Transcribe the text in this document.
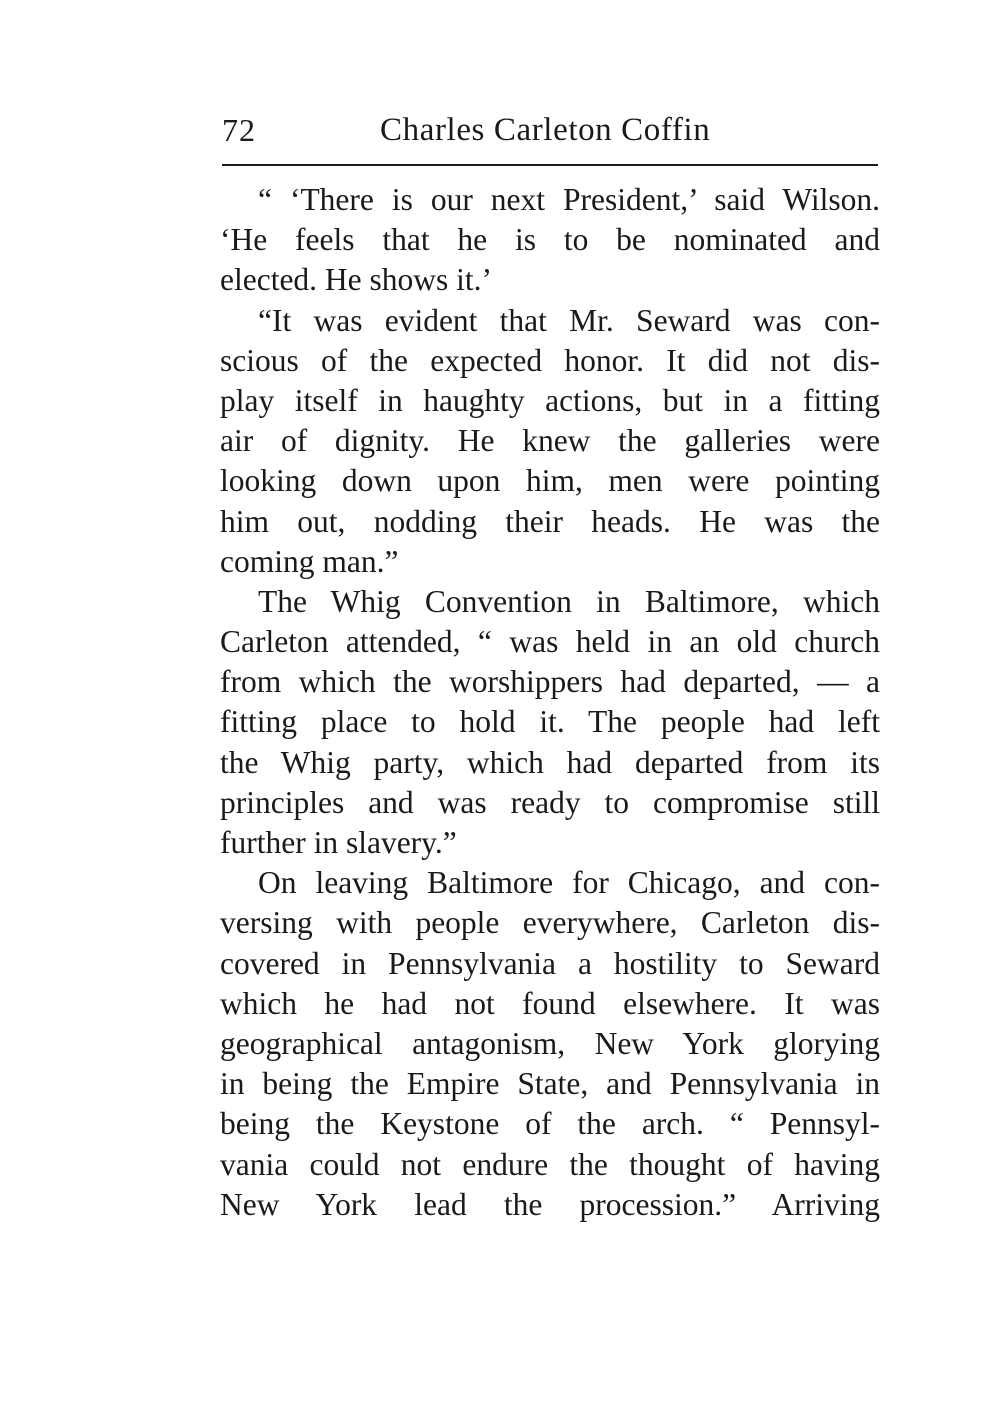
72	Charles Carleton Coffin
“ ‘There is our next President,’ said Wilson.
‘He feels that he is to be nominated and
elected. He shows it.’
“It was evident that Mr. Seward was con-
scious of the expected honor. It did not dis-
play itself in haughty actions, but in a fitting
air of dignity. He knew the galleries were
looking down upon him, men were pointing
him out, nodding their heads. He was the
coming man.”
The Whig Convention in Baltimore, which
Carleton attended, “ was held in an old church
from which the worshippers had departed, — a
fitting place to hold it. The people had left
the Whig party, which had departed from its
principles and was ready to compromise still
further in slavery.”
On leaving Baltimore for Chicago, and con-
versing with people everywhere, Carleton dis-
covered in Pennsylvania a hostility to Seward
which he had not found elsewhere. It was
geographical antagonism, New York glorying
in being the Empire State, and Pennsylvania in
being the Keystone of the arch. “ Pennsyl-
vania could not endure the thought of having
New York lead the procession.” Arriving
